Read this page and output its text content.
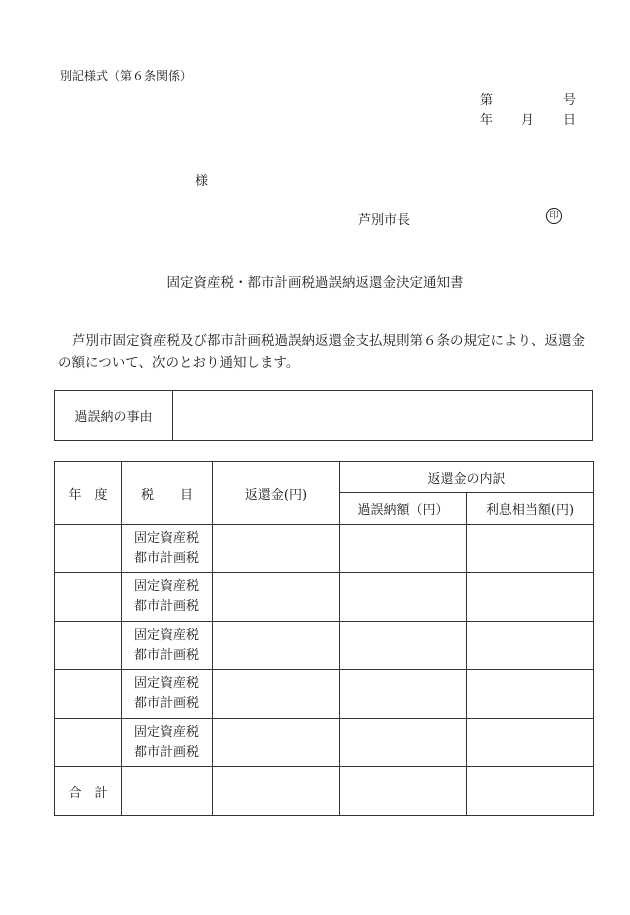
別記様式（第６条関係）
第	号
年 月 日
様
芦別市長	印
固定資産税・都市計画税過誤納返還金決定通知書
芦別市固定資産税及び都市計画税過誤納返還金支払規則第６条の規定により、返還金の額について、次のとおり通知します。
過誤納の事由	
年　度	税　　目	返還金(円)	返還金の内訳	
			過誤納額（円）	利息相当額(円)

	固定資産税
都市計画税			

	固定資産税
都市計画税			

	固定資産税
都市計画税			

	固定資産税
都市計画税			

	固定資産税
都市計画税			

合　計				
